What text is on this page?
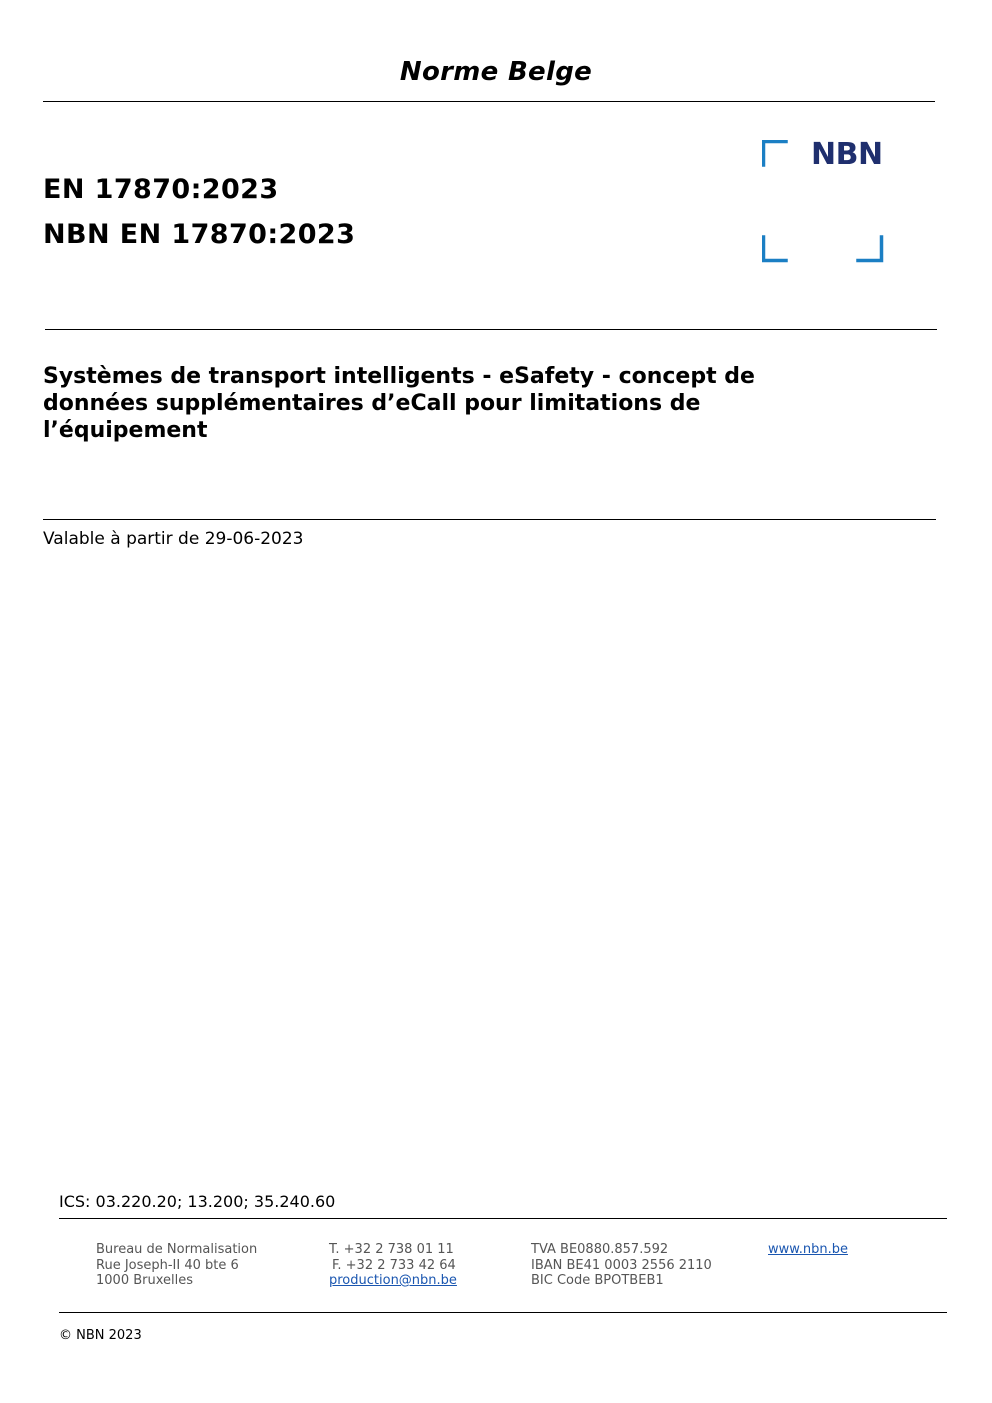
Norme Belge
EN 17870:2023
NBN EN 17870:2023
NBN
Systèmes de transport intelligents - eSafety - concept de
données supplémentaires d’eCall pour limitations de
l’équipement
Valable à partir de 29-06-2023
ICS: 03.220.20; 13.200; 35.240.60
Bureau de Normalisation
Rue Joseph-II 40 bte 6
1000 Bruxelles
T. +32 2 738 01 11
F. +32 2 733 42 64
production@nbn.be
TVA BE0880.857.592
IBAN BE41 0003 2556 2110
BIC Code BPOTBEB1
www.nbn.be
© NBN 2023
